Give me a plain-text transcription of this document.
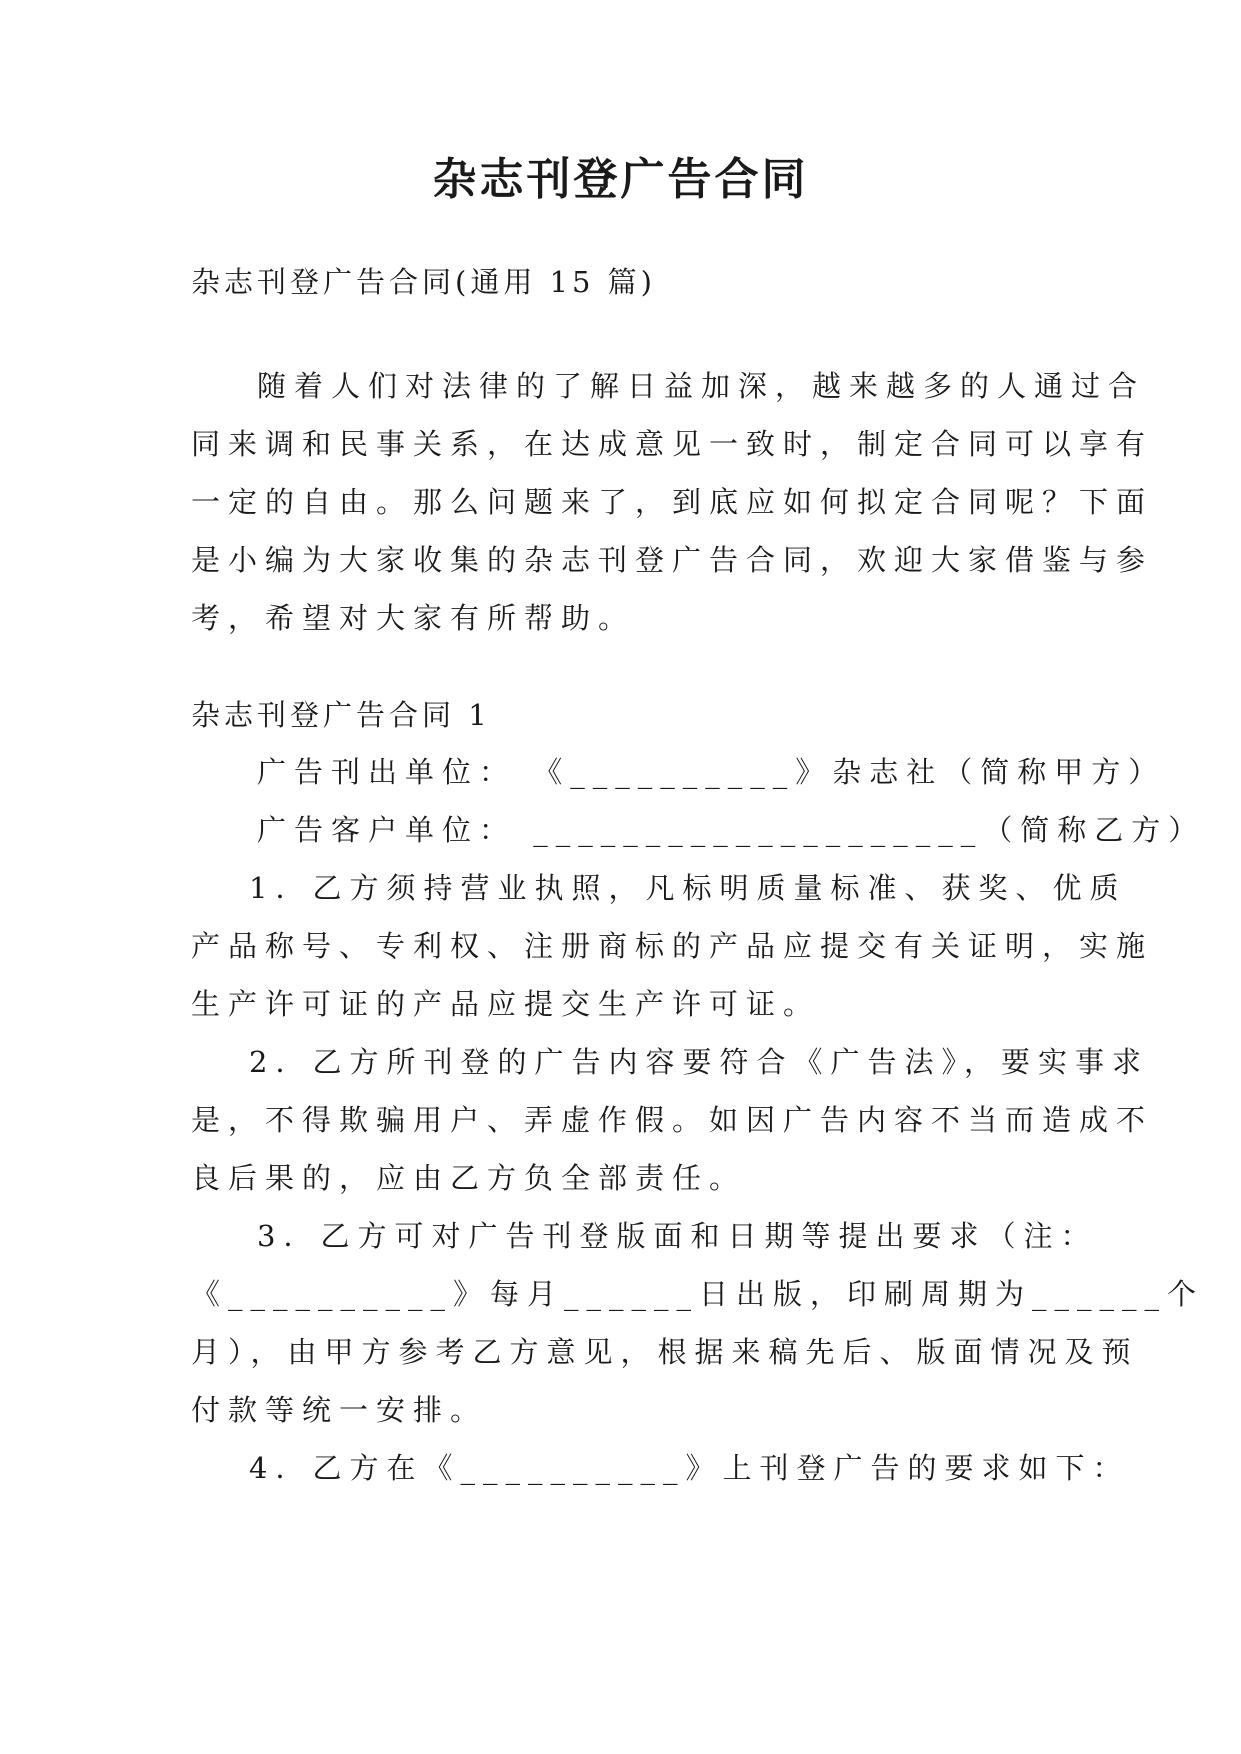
杂志刊登广告合同
杂志刊登广告合同(通用 15 篇)
随着人们对法律的了解日益加深，越来越多的人通过合
同来调和民事关系，在达成意见一致时，制定合同可以享有
一定的自由。那么问题来了，到底应如何拟定合同呢？下面
是小编为大家收集的杂志刊登广告合同，欢迎大家借鉴与参
考，希望对大家有所帮助。
杂志刊登广告合同 1
广告刊出单位： 《__________》杂志社（简称甲方）
广告客户单位： ____________________（简称乙方）
1．乙方须持营业执照，凡标明质量标准、获奖、优质
产品称号、专利权、注册商标的产品应提交有关证明，实施
生产许可证的产品应提交生产许可证。
2．乙方所刊登的广告内容要符合《广告法》，要实事求
是，不得欺骗用户、弄虚作假。如因广告内容不当而造成不
良后果的，应由乙方负全部责任。
3．乙方可对广告刊登版面和日期等提出要求（注：
《__________》每月______日出版，印刷周期为______个
月），由甲方参考乙方意见，根据来稿先后、版面情况及预
付款等统一安排。
4．乙方在《__________》上刊登广告的要求如下：
